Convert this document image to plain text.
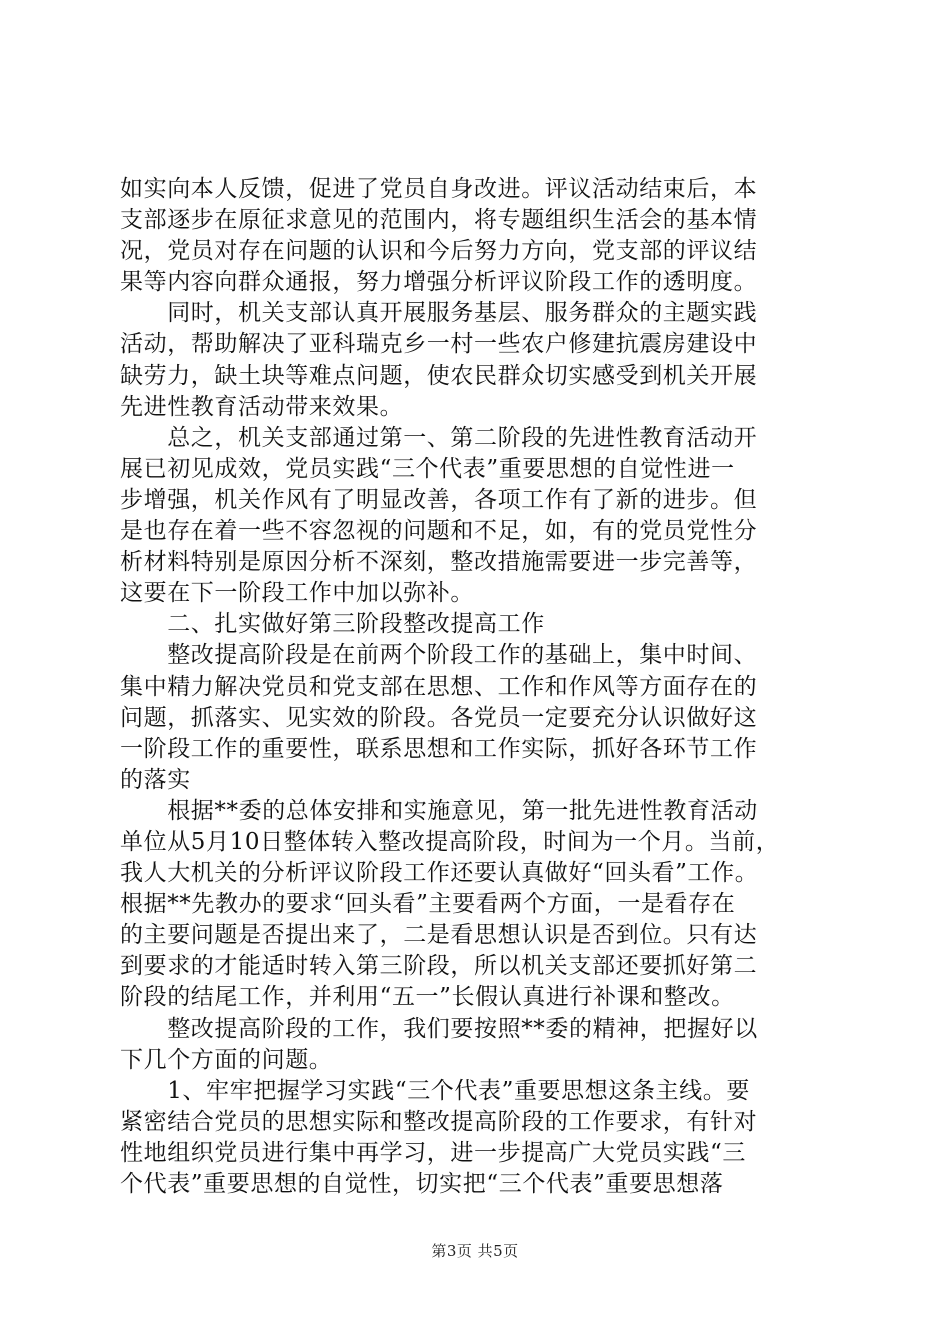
如实向本人反馈，促进了党员自身改进。评议活动结束后，本
支部逐步在原征求意见的范围内，将专题组织生活会的基本情
况，党员对存在问题的认识和今后努力方向，党支部的评议结
果等内容向群众通报，努力增强分析评议阶段工作的透明度。
　　同时，机关支部认真开展服务基层、服务群众的主题实践
活动，帮助解决了亚科瑞克乡一村一些农户修建抗震房建设中
缺劳力，缺土块等难点问题，使农民群众切实感受到机关开展
先进性教育活动带来效果。
　　总之，机关支部通过第一、第二阶段的先进性教育活动开
展已初见成效，党员实践“三个代表”重要思想的自觉性进一
步增强，机关作风有了明显改善，各项工作有了新的进步。但
是也存在着一些不容忽视的问题和不足，如，有的党员党性分
析材料特别是原因分析不深刻，整改措施需要进一步完善等，
这要在下一阶段工作中加以弥补。
　　二、扎实做好第三阶段整改提高工作
　　整改提高阶段是在前两个阶段工作的基础上，集中时间、
集中精力解决党员和党支部在思想、工作和作风等方面存在的
问题，抓落实、见实效的阶段。各党员一定要充分认识做好这
一阶段工作的重要性，联系思想和工作实际，抓好各环节工作
的落实
　　根据**委的总体安排和实施意见，第一批先进性教育活动
单位从5月10日整体转入整改提高阶段，时间为一个月。当前，
我人大机关的分析评议阶段工作还要认真做好“回头看”工作。
根据**先教办的要求“回头看”主要看两个方面，一是看存在
的主要问题是否提出来了，二是看思想认识是否到位。只有达
到要求的才能适时转入第三阶段，所以机关支部还要抓好第二
阶段的结尾工作，并利用“五一”长假认真进行补课和整改。
　　整改提高阶段的工作，我们要按照**委的精神，把握好以
下几个方面的问题。
　　1、牢牢把握学习实践“三个代表”重要思想这条主线。要
紧密结合党员的思想实际和整改提高阶段的工作要求，有针对
性地组织党员进行集中再学习，进一步提高广大党员实践“三
个代表”重要思想的自觉性，切实把“三个代表”重要思想落
第3页 共5页
